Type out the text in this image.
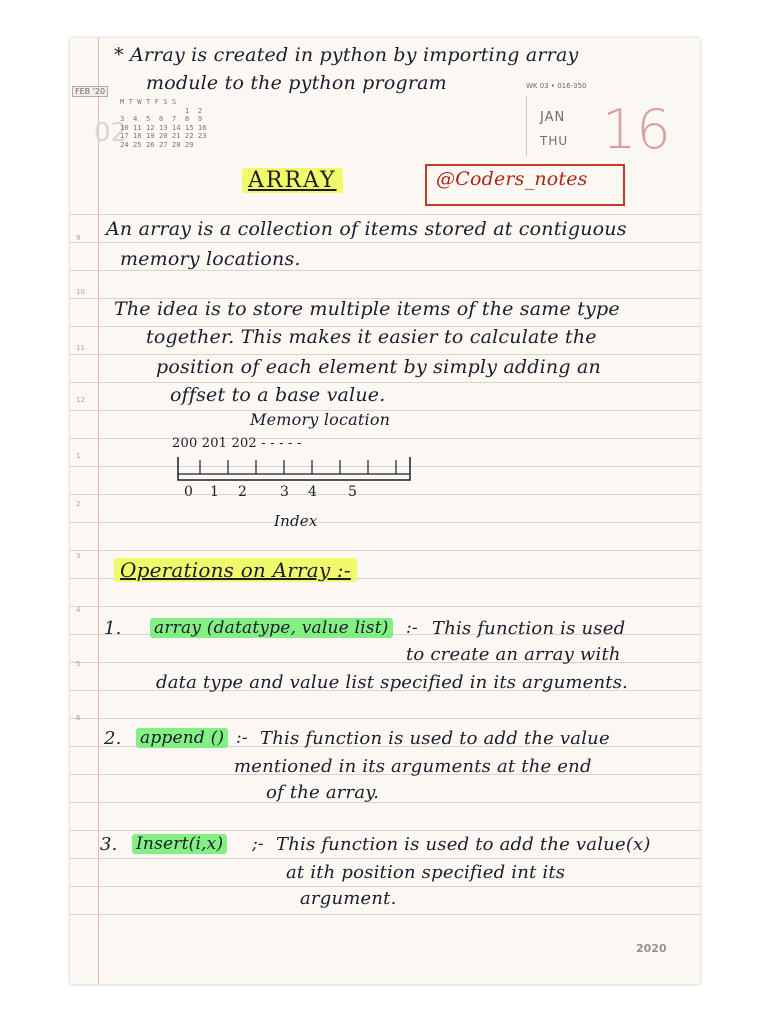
9
10
11
12
1
2
3
4
5
6
FEB '20
02
M T W T F S S
1  2
3  4  5  6  7  8  9
10 11 12 13 14 15 16
17 18 19 20 21 22 23
24 25 26 27 28 29
WK 03 • 016-350
JAN
THU 16
* Array is created in python by importing array
module to the python program
ARRAY	@Coders_notes
An array is a collection of items stored at contiguous
memory locations.
The idea is to store multiple items of the same type
together. This makes it easier to calculate the
position of each element by simply adding an
offset to a base value.
Memory location
200 201 202 - - - - -
0 1 2 3 4 5
Index
Operations on Array :-
1. array (datatype, value list) :- This function is used
to create an array with
data type and value list specified in its arguments.
2. append () :- This function is used to add the value
mentioned in its arguments at the end
of the array.
3. Insert(i,x) ;- This function is used to add the value(x)
at ith position specified int its
argument.
2020
